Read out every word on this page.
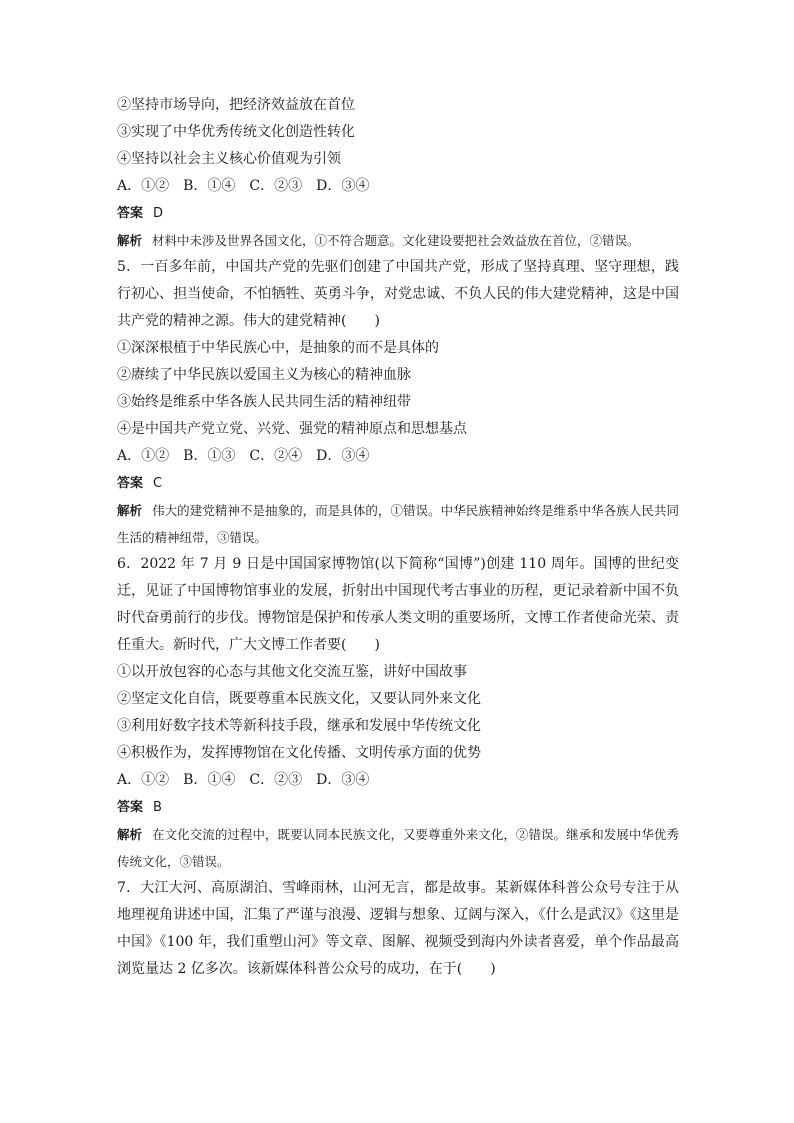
②坚持市场导向，把经济效益放在首位
③实现了中华优秀传统文化创造性转化
④坚持以社会主义核心价值观为引领
A．①②　B．①④　C．②③　D．③④
答案 D
解析 材料中未涉及世界各国文化，①不符合题意。文化建设要把社会效益放在首位，②错误。
5．一百多年前，中国共产党的先驱们创建了中国共产党，形成了坚持真理、坚守理想，践行初心、担当使命，不怕牺牲、英勇斗争，对党忠诚、不负人民的伟大建党精神，这是中国共产党的精神之源。伟大的建党精神(　　)
①深深根植于中华民族心中，是抽象的而不是具体的
②赓续了中华民族以爱国主义为核心的精神血脉
③始终是维系中华各族人民共同生活的精神纽带
④是中国共产党立党、兴党、强党的精神原点和思想基点
A．①②　B．①③　C．②④　D．③④
答案 C
解析 伟大的建党精神不是抽象的，而是具体的，①错误。中华民族精神始终是维系中华各族人民共同生活的精神纽带，③错误。
6．2022 年 7 月 9 日是中国国家博物馆(以下简称“国博”)创建 110 周年。国博的世纪变迁，见证了中国博物馆事业的发展，折射出中国现代考古事业的历程，更记录着新中国不负时代奋勇前行的步伐。博物馆是保护和传承人类文明的重要场所，文博工作者使命光荣、责任重大。新时代，广大文博工作者要(　　)
①以开放包容的心态与其他文化交流互鉴，讲好中国故事
②坚定文化自信，既要尊重本民族文化，又要认同外来文化
③利用好数字技术等新科技手段，继承和发展中华传统文化
④积极作为，发挥博物馆在文化传播、文明传承方面的优势
A．①②　B．①④　C．②③　D．③④
答案 B
解析 在文化交流的过程中，既要认同本民族文化，又要尊重外来文化，②错误。继承和发展中华优秀传统文化，③错误。
7．大江大河、高原湖泊、雪峰雨林，山河无言，都是故事。某新媒体科普公众号专注于从地理视角讲述中国，汇集了严谨与浪漫、逻辑与想象、辽阔与深入，《什么是武汉》《这里是中国》《100 年，我们重塑山河》等文章、图解、视频受到海内外读者喜爱，单个作品最高浏览量达 2 亿多次。该新媒体科普公众号的成功，在于(　　)
